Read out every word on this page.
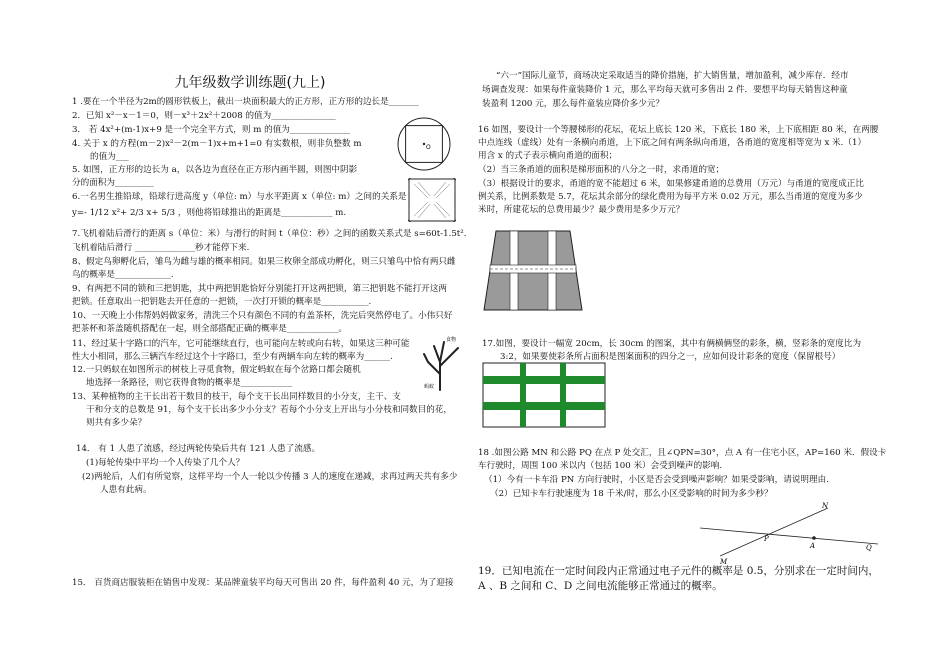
九年级数学训练题(九上)
1 .要在一个半径为2m的圆形铁板上，截出一块面积最大的正方形，正方形的边长是_______
2．已知 x²－x－1＝0，则－x³＋2x²＋2008 的值为_______________
3． 若 4x²+(m-1)x+9 是一个完全平方式，则 m 的值为______________
4. 关于 x 的方程(m－2)x²－2(m－1)x+m+1=0 有实数根，则非负整数 m
的值为___
5. 如图，正方形的边长为 a，以各边为直径在正方形内画半圆，则图中阴影
分的面积为_________
6.一名男生推铅球，铅球行进高度 y（单位: m）与水平距离 x（单位: m）之间的关系是
y=- 1/12 x²+ 2/3 x+ 5/3 ，则他将铅球推出的距离是____________ m.
7.飞机着陆后滑行的距离 s（单位：米）与滑行的时间 t（单位：秒）之间的函数关系式是 s=60t-1.5t².
飞机着陆后滑行 ______________秒才能停下来.
8、假定鸟卵孵化后，雏鸟为雌与雄的概率相同。如果三枚卵全部成功孵化，则三只雏鸟中恰有两只雌
鸟的概率是_____________.
9、有两把不同的锁和三把钥匙，其中两把钥匙恰好分别能打开这两把锁，第三把钥匙不能打开这两
把锁。任意取出一把钥匙去开任意的一把锁，一次打开锁的概率是___________.
10、一天晚上小伟帮妈妈做家务，清洗三个只有颜色不同的有盖茶杯，洗完后突然停电了。小伟只好
把茶杯和茶盖随机搭配在一起，则全部搭配正确的概率是____________。
11、经过某十字路口的汽车，它可能继续直行，也可能向左转或向右转，如果这三种可能
性大小相同，那么三辆汽车经过这个十字路口，至少有两辆车向左转的概率为______.
12.一只蚂蚁在如图所示的树枝上寻觅食物，假定蚂蚁在每个岔路口都会随机
地选择一条路径，则它获得食物的概率是____________
13、某种植物的主干长出若干数目的枝干，每个支干长出同样数目的小分支，主干、支
干和分支的总数是 91，每个支干长出多少小分支？若每个小分支上开出与小分枝和同数目的花，
则共有多少朵？
14． 有 1 人患了流感，经过两轮传染后共有 121 人患了流感。
(1)每轮传染中平均一个人传染了几个人？
(2)两轮后，人们有所觉察，这样平均一个人一轮以少传播 3 人的速度在递减，求再过两天共有多少
人患有此病。
15． 百货商店服装柜在销售中发现：某品牌童装平均每天可售出 20 件，每件盈利 40 元，为了迎接
O
食物
蚂蚁
“六一”国际儿童节，商场决定采取适当的降价措施，扩大销售量，增加盈利，减少库存．经市
场调查发现：如果每件童装降价 1 元，那么平均每天就可多售出 2 件．要想平均每天销售这种童
装盈利 1200 元，那么每件童装应降价多少元？
16 如图，要设计一个等腰梯形的花坛，花坛上底长 120 米，下底长 180 米，上下底相距 80 米，在两腰
中点连线（虚线）处有一条横向甬道，上下底之间有两条纵向甬道，各甬道的宽度相等宽为 x 米.（1）
用含 x 的式子表示横向甬道的面积；
（2）当三条甬道的面积是梯形面积的八分之一时，求甬道的宽；
（3）根据设计的要求，甬道的宽不能超过 6 米，如果修建甬道的总费用（万元）与甬道的宽度成正比
例关系，比例系数是 5.7，花坛其余部分的绿化费用为每平方米 0.02 万元，那么当甬道的宽度为多少
米时，所建花坛的总费用最少？最少费用是多少万元？
17.如图，要设计一幅宽 20cm，长 30cm 的图案，其中有俩横俩竖的彩条，横，竖彩条的宽度比为
3:2，如果要使彩条所占面积是图案面积的四分之一，应如何设计彩条的宽度（保留根号）
18 .如图公路 MN 和公路 PQ 在点 P 处交汇，且∠QPN=30°，点 A 有一住宅小区，AP=160 米．假设卡
车行驶时，周围 100 米以内（包括 100 米）会受到噪声的影响.
（1）今有一卡车沿 PN 方向行驶时，小区是否会受到噪声影响？如果受影响，请说明理由.
（2）已知卡车行驶速度为 18 千米/时，那么小区受影响的时间为多少秒？
M
N
P
A	Q
19．已知电流在一定时间段内正常通过电子元件的概率是 0.5，分别求在一定时间内，
A 、B 之间和 C、D 之间电流能够正常通过的概率。
